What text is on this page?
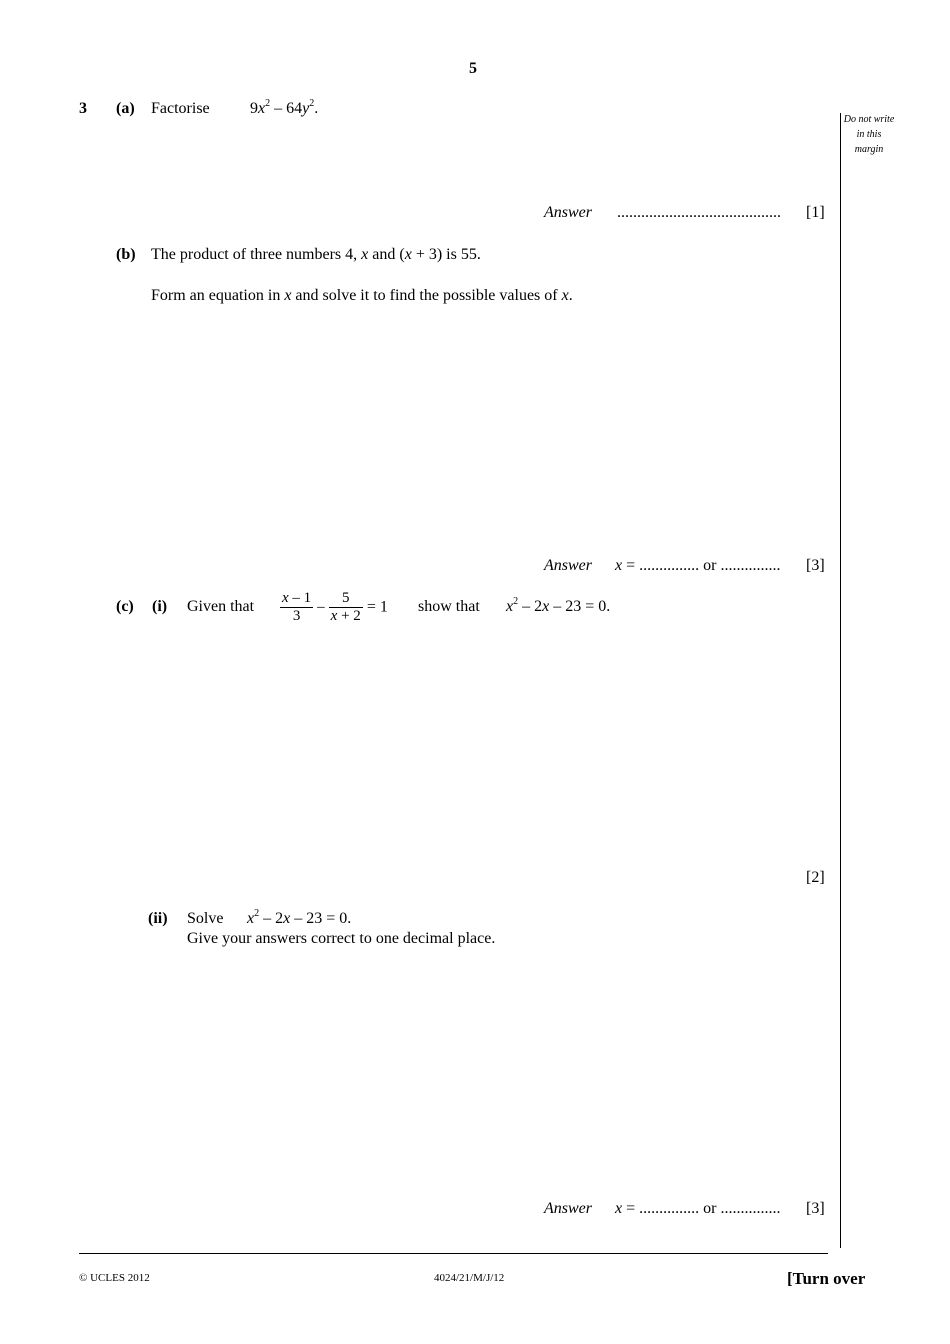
5
Do not write in this margin
3 (a) Factorise	$9x^2 - 64y^2$.
Answer ......................................... [1]
(b) The product of three numbers 4, x and (x + 3) is 55.
Form an equation in x and solve it to find the possible values of x.
Answer x = ............... or ............... [3]
(c) (i) Given that $\frac{x - 1}{3} - \frac{5}{x + 2} = 1$ show that $x^2 - 2x - 23 = 0$.
[2]
(ii) Solve $x^2 - 2x - 23 = 0$.
Give your answers correct to one decimal place.
Answer x = ............... or ............... [3]
© UCLES 2012	4024/21/M/J/12	[Turn over
